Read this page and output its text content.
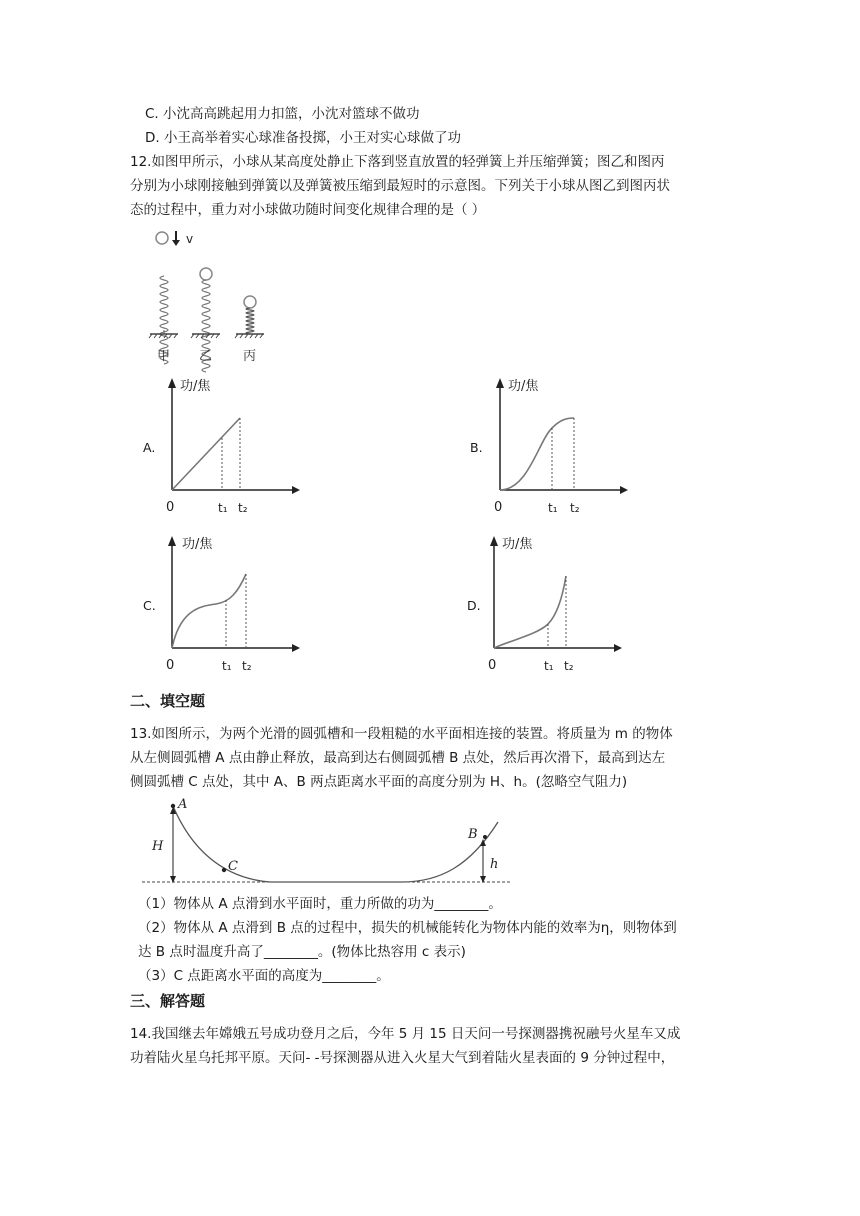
C. 小沈高高跳起用力扣篮，小沈对篮球不做功
D. 小王高举着实心球准备投掷，小王对实心球做了功
12.如图甲所示，小球从某高度处静止下落到竖直放置的轻弹簧上并压缩弹簧；图乙和图丙
分别为小球刚接触到弹簧以及弹簧被压缩到最短时的示意图。下列关于小球从图乙到图丙状
态的过程中，重力对小球做功随时间变化规律合理的是（ ）
v
甲 乙 丙
A.	B.
C.	D.
功/焦
0	t₁ t₂
功/焦
0	t₁ t₂
功/焦
0	t₁ t₂
功/焦
0	t₁ t₂
二、填空题
13.如图所示，为两个光滑的圆弧槽和一段粗糙的水平面相连接的装置。将质量为 m 的物体
从左侧圆弧槽 A 点由静止释放，最高到达右侧圆弧槽 B 点处，然后再次滑下，最高到达左
侧圆弧槽 C 点处，其中 A、B 两点距离水平面的高度分别为 H、h。(忽略空气阻力)
A
C
B
H
h
（1）物体从 A 点滑到水平面时，重力所做的功为________。
（2）物体从 A 点滑到 B 点的过程中，损失的机械能转化为物体内能的效率为η，则物体到
达 B 点时温度升高了________。(物体比热容用 c 表示)
（3）C 点距离水平面的高度为________。
三、解答题
14.我国继去年嫦娥五号成功登月之后，今年 5 月 15 日天问一号探测器携祝融号火星车又成
功着陆火星乌托邦平原。天问- -号探测器从进入火星大气到着陆火星表面的 9 分钟过程中，
